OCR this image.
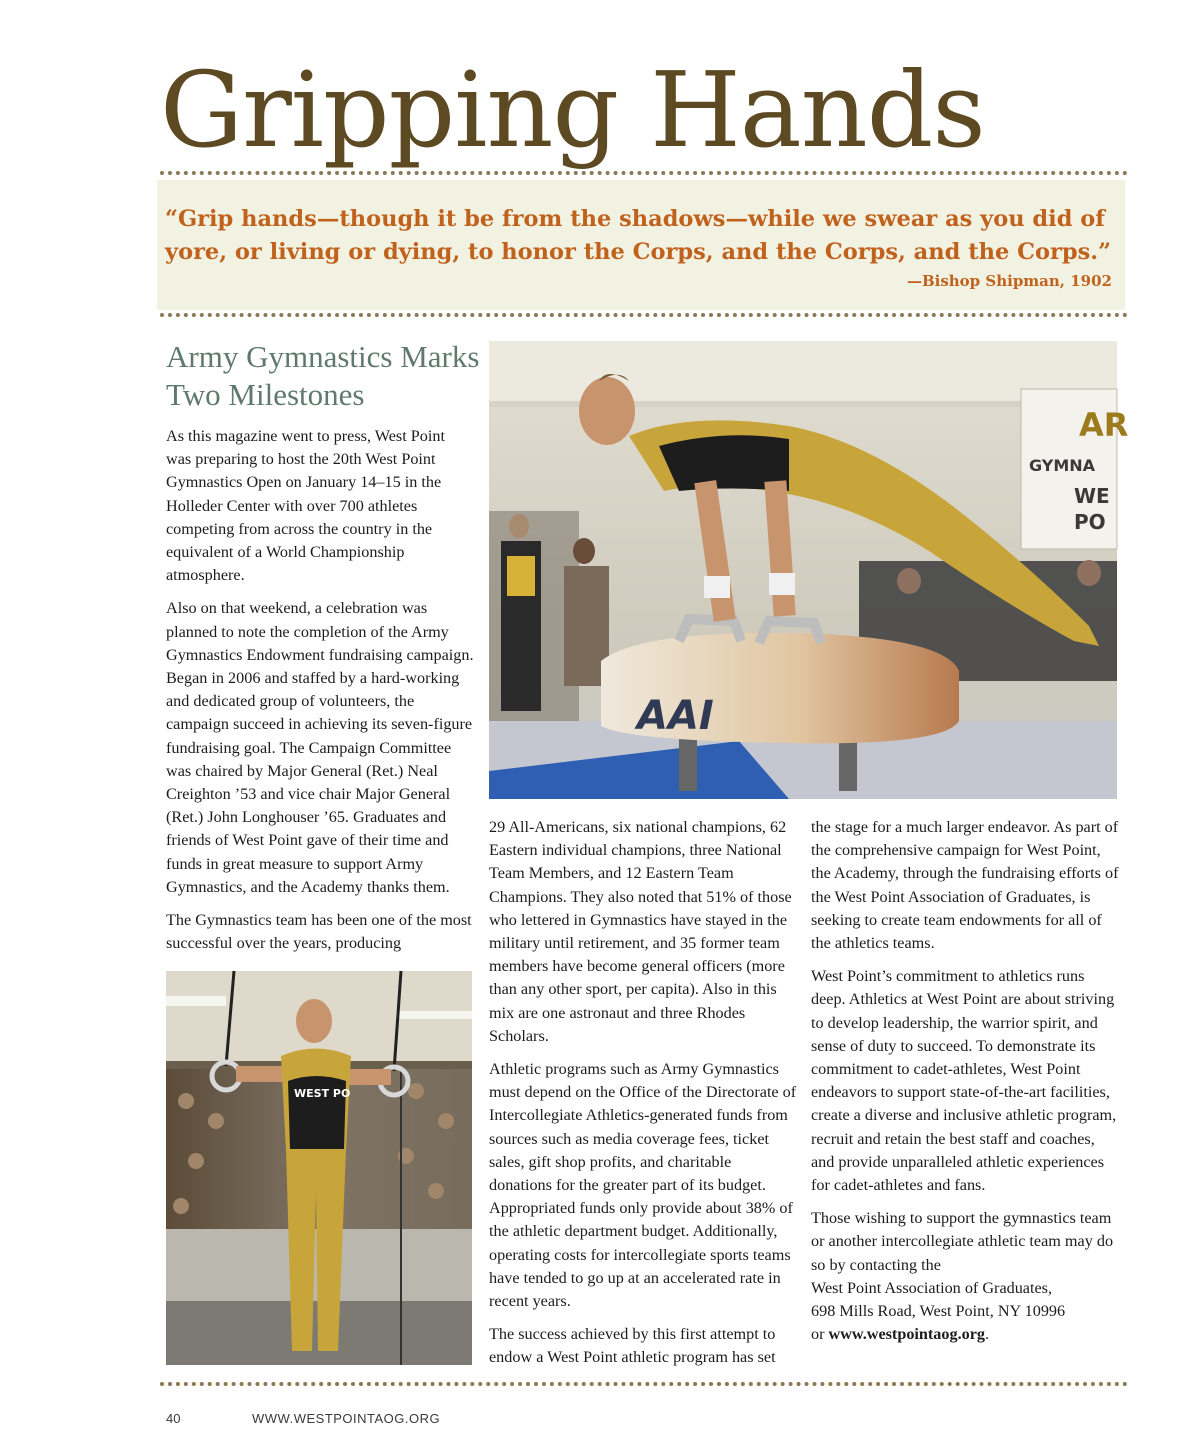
Gripping Hands

“Grip hands—though it be from the shadows—while we swear as you did of yore, or living or dying, to honor the Corps, and the Corps, and the Corps.”

—Bishop Shipman, 1902
Army Gymnastics Marks Two Milestones

As this magazine went to press, West Point was preparing to host the 20th West Point Gymnastics Open on January 14–15 in the Holleder Center with over 700 athletes competing from across the country in the equivalent of a World Championship atmosphere.

Also on that weekend, a celebration was planned to note the completion of the Army Gymnastics Endowment fundraising campaign. Began in 2006 and staffed by a hard-working and dedicated group of volunteers, the campaign succeed in achieving its seven-figure fundraising goal. The Campaign Committee was chaired by Major General (Ret.) Neal Creighton ’53 and vice chair Major General (Ret.) John Longhouser ’65. Graduates and friends of West Point gave of their time and funds in great measure to support Army Gymnastics, and the Academy thanks them.

The Gymnastics team has been one of the most successful over the years, producing

AR
GYMNA
WE
PO
AAI
WEST PO

29 All-Americans, six national champions, 62 Eastern individual champions, three National Team Members, and 12 Eastern Team Champions. They also noted that 51% of those who lettered in Gymnastics have stayed in the military until retirement, and 35 former team members have become general officers (more than any other sport, per capita). Also in this mix are one astronaut and three Rhodes Scholars.

Athletic programs such as Army Gymnastics must depend on the Office of the Directorate of Intercollegiate Athletics-generated funds from sources such as media coverage fees, ticket sales, gift shop profits, and charitable donations for the greater part of its budget. Appropriated funds only provide about 38% of the athletic department budget. Additionally, operating costs for intercollegiate sports teams have tended to go up at an accelerated rate in recent years.

The success achieved by this first attempt to endow a West Point athletic program has set

the stage for a much larger endeavor. As part of the comprehensive campaign for West Point, the Academy, through the fundraising efforts of the West Point Association of Graduates, is seeking to create team endowments for all of the athletics teams.

West Point’s commitment to athletics runs deep. Athletics at West Point are about striving to develop leadership, the warrior spirit, and sense of duty to succeed. To demonstrate its commitment to cadet-athletes, West Point endeavors to support state-of-the-art facilities, create a diverse and inclusive athletic program, recruit and retain the best staff and coaches, and provide unparalleled athletic experiences for cadet-athletes and fans.

Those wishing to support the gymnastics team or another intercollegiate athletic team may do so by contacting the
West Point Association of Graduates,
698 Mills Road, West Point, NY 10996
or www.westpointaog.org.

40	WWW.WESTPOINTAOG.ORG
